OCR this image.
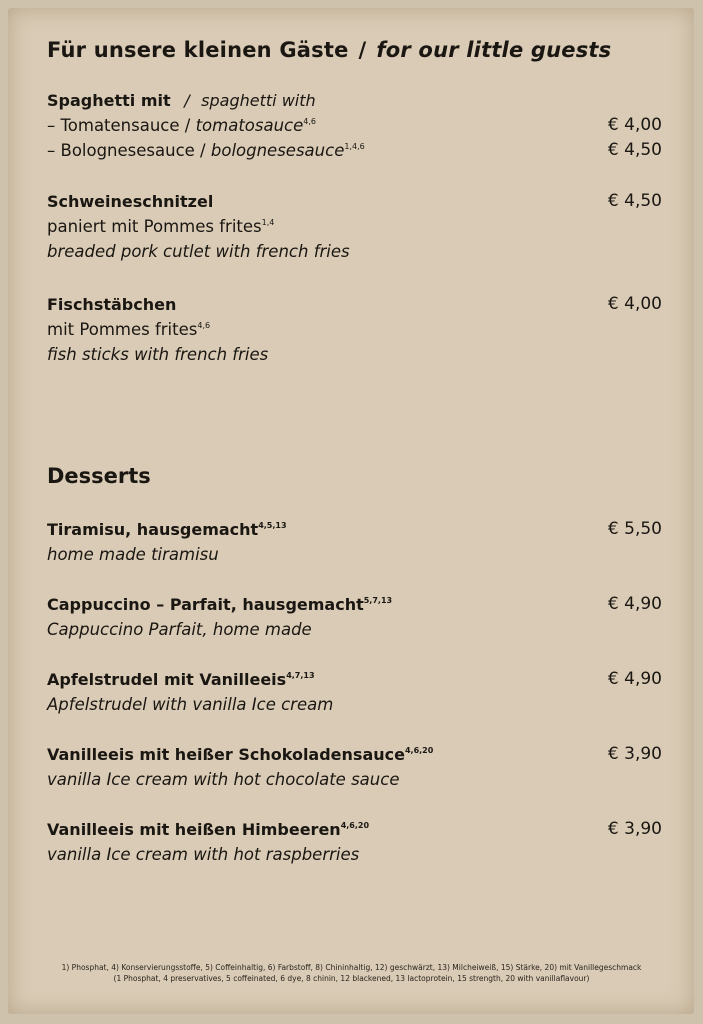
Für unsere kleinen Gäste / for our little guests
Spaghetti mit / spaghetti with
– Tomatensauce / tomatosauce$^{4,6}$	€ 4,00
– Bolognesesauce / bolognesesauce$^{1,4,6}$	€ 4,50
Schweineschnitzel	€ 4,50
paniert mit Pommes frites$^{1,4}$
breaded pork cutlet with french fries
Fischstäbchen	€ 4,00
mit Pommes frites$^{4,6}$
fish sticks with french fries
Desserts
Tiramisu, hausgemacht$^{4,5,13}$	€ 5,50
home made tiramisu
Cappuccino – Parfait, hausgemacht$^{5,7,13}$	€ 4,90
Cappuccino Parfait, home made
Apfelstrudel mit Vanilleeis$^{4,7,13}$	€ 4,90
Apfelstrudel with vanilla Ice cream
Vanilleeis mit heißer Schokoladensauce$^{4,6,20}$	€ 3,90
vanilla Ice cream with hot chocolate sauce
Vanilleeis mit heißen Himbeeren$^{4,6,20}$	€ 3,90
vanilla Ice cream with hot raspberries
1) Phosphat, 4) Konservierungsstoffe, 5) Coffeinhaltig, 6) Farbstoff, 8) Chininhaltig, 12) geschwärzt, 13) Milcheiweiß, 15) Stärke, 20) mit Vanillegeschmack
(1 Phosphat, 4 preservatives, 5 coffeinated, 6 dye, 8 chinin, 12 blackened, 13 lactoprotein, 15 strength, 20 with vanillaflavour)
